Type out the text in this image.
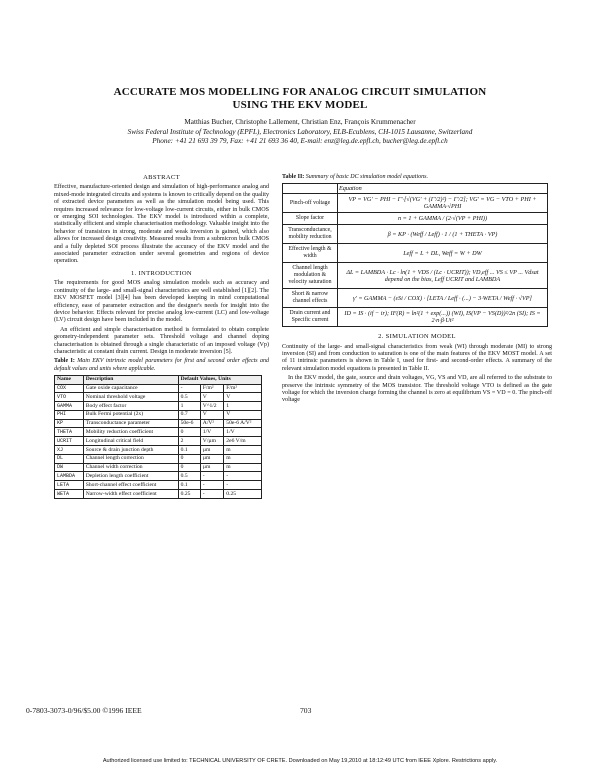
ACCURATE MOS MODELLING FOR ANALOG CIRCUIT SIMULATION
USING THE EKV MODEL
Matthias Bucher, Christophe Lallement, Christian Enz, François Krummenacher
Swiss Federal Institute of Technology (EPFL), Electronics Laboratory, ELB-Ecublens, CH-1015 Lausanne, Switzerland
Phone: +41 21 693 39 79, Fax: +41 21 693 36 40, E-mail: enz@leg.de.epfl.ch, bucher@leg.de.epfl.ch
ABSTRACT

Effective, manufacture-oriented design and simulation of high-performance analog and mixed-mode integrated circuits and systems is known to critically depend on the quality of extracted device parameters as well as the simulation model being used. This requires increased relevance for low-voltage low-current circuits, either in bulk CMOS or emerging SOI technologies. The EKV model is introduced within a complete, statistically efficient and simple characterisation methodology. Valuable insight into the behavior of transistors in strong, moderate and weak inversion is gained, which also allows for increased design creativity. Measured results from a submicron bulk CMOS and a fully depleted SOI process illustrate the accuracy of the EKV model and the associated parameter extraction under several geometries and regions of device operation.

1. INTRODUCTION

The requirements for good MOS analog simulation models such as accuracy and continuity of the large- and small-signal characteristics are well established [1][2]. The EKV MOSFET model [3][4] has been developed keeping in mind computational efficiency, ease of parameter extraction and the designer's needs for insight into the device behavior. Effects relevant for precise analog low-current (LC) and low-voltage (LV) circuit design have been included in the model.

An efficient and simple characterisation method is formulated to obtain complete geometry-independent parameter sets. Threshold voltage and channel doping characterisation is obtained through a single characteristic of an imposed voltage (Vp) characteristic at constant drain current. Design in moderate inversion [5].

Table I: Main EKV intrinsic model parameters for first and second order effects and default values and units where applicable.
Name	Description	Default Values, Units		
COX	Gate oxide capacitance	-	F/m²	F/m²
VTO	Nominal threshold voltage	0.5	V	V
GAMMA	Body effect factor	1	V^1/2	1
PHI	Bulk Fermi potential (2x)	0.7	V	V
KP	Transconductance parameter	50e-6	A/V²	50e-6 A/V²
THETA	Mobility reduction coefficient	0	1/V	1/V
UCRIT	Longitudinal critical field	2	V/µm	2e6 V/m
XJ	Source & drain junction depth	0.1	µm	m
DL	Channel length correction	0	µm	m
DW	Channel width correction	0	µm	m
LAMBDA	Depletion length coefficient	0.5	-	-
LETA	Short-channel effect coefficient	0.1	-	-
WETA	Narrow-width effect coefficient	0.25	-	0.25
Table II: Summary of basic DC simulation model equations.
	Equation
Pinch-off voltage	VP = VG' − PHI − Γ'·[√(VG' + (Γ'/2)²) − Γ'/2]; VG' = VG − VTO + PHI + GAMMA·√PHI
Slope factor	n = 1 + GAMMA / (2·√(VP + PHI))
Transconductance, mobility reduction	β = KP · (Weff / Leff) · 1 / (1 + THETA · VP)
Effective length & width	Leff = L + DL, Weff = W + DW
Channel length modulation & velocity saturation	ΔL = LAMBDA · Lc · ln(1 + VDS / (Lc · UCRIT)); VD,eff ... VS ≤ VP ... Vdsat depend on the bias, Leff UCRIT and LAMBDA
Short & narrow channel effects	γ' = GAMMA − (εSi / COX) · [LETA / Leff · (...) − 3·WETA / Weff · √VP]
Drain current and Specific current	ID = IS · (if − ir); IF(R) = ln²(1 + exp(...)) (WI), IS(VP − VS(D))²/2n (SI); IS = 2·n·β·Ut²
2. SIMULATION MODEL

Continuity of the large- and small-signal characteristics from weak (WI) through moderate (MI) to strong inversion (SI) and from conduction to saturation is one of the main features of the EKV MOST model. A set of 11 intrinsic parameters is shown in Table I, used for first- and second-order effects. A summary of the relevant simulation model equations is presented in Table II.

In the EKV model, the gate, source and drain voltages, VG, VS and VD, are all referred to the substrate to preserve the intrinsic symmetry of the MOS transistor. The threshold voltage VTO is defined as the gate voltage for which the inversion charge forming the channel is zero at equilibrium VS = VD = 0. The pinch-off voltage

0-7803-3073-0/96/$5.00 ©1996 IEEE	703
Authorized licensed use limited to: TECHNICAL UNIVERSITY OF CRETE. Downloaded on May 19,2010 at 18:12:49 UTC from IEEE Xplore. Restrictions apply.
